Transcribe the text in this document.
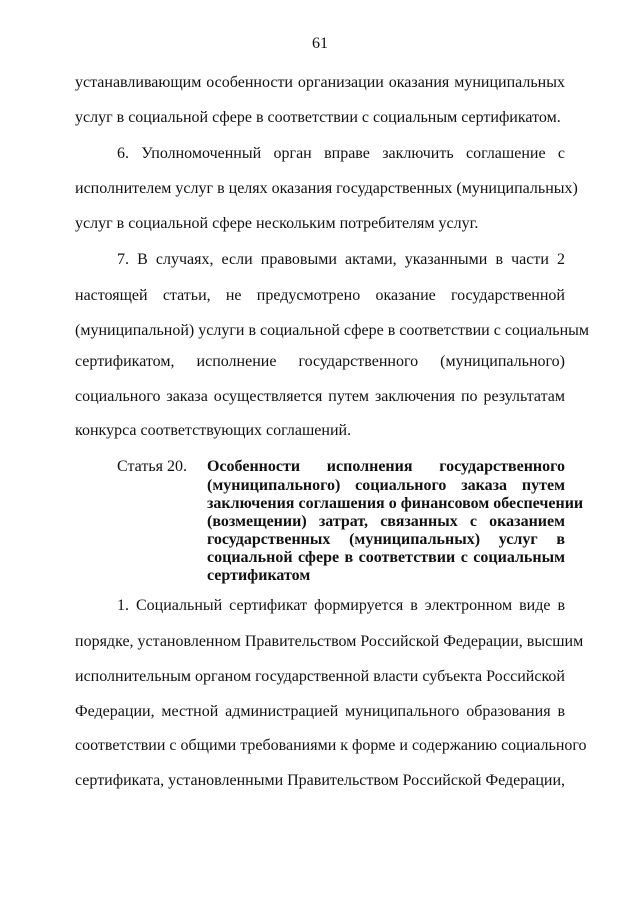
61
устанавливающим особенности организации оказания муниципальных
услуг в социальной сфере в соответствии с социальным сертификатом.
6. Уполномоченный орган вправе заключить соглашение с
исполнителем услуг в целях оказания государственных (муниципальных)
услуг в социальной сфере нескольким потребителям услуг.
7. В случаях, если правовыми актами, указанными в части 2
настоящей статьи, не предусмотрено оказание государственной
(муниципальной) услуги в социальной сфере в соответствии с социальным
сертификатом, исполнение государственного (муниципального)
социального заказа осуществляется путем заключения по результатам
конкурса соответствующих соглашений.
Статья 20. Особенности исполнения государственного
(муниципального) социального заказа путем
заключения соглашения о финансовом обеспечении
(возмещении) затрат, связанных с оказанием
государственных (муниципальных) услуг в
социальной сфере в соответствии с социальным
сертификатом
1. Социальный сертификат формируется в электронном виде в
порядке, установленном Правительством Российской Федерации, высшим
исполнительным органом государственной власти субъекта Российской
Федерации, местной администрацией муниципального образования в
соответствии с общими требованиями к форме и содержанию социального
сертификата, установленными Правительством Российской Федерации,
